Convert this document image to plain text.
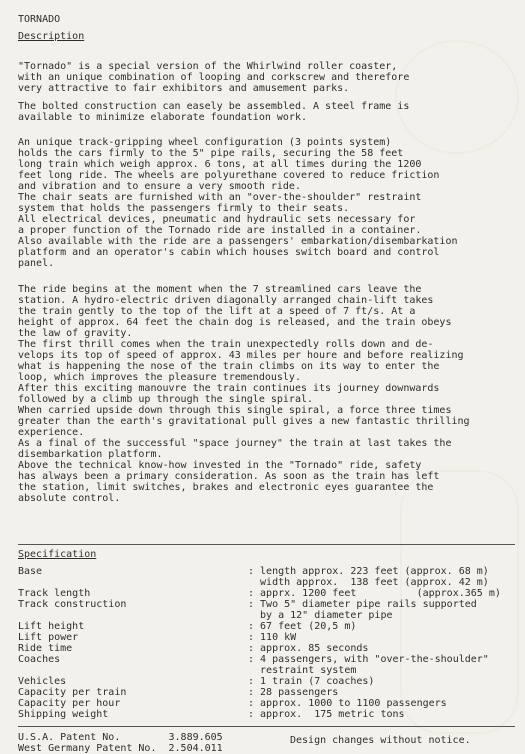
TORNADO
Description
"Tornado" is a special version of the Whirlwind roller coaster,
with an unique combination of looping and corkscrew and therefore
very attractive to fair exhibitors and amusement parks.
The bolted construction can easely be assembled. A steel frame is
available to minimize elaborate foundation work.
An unique track-gripping wheel configuration (3 points system)
holds the cars firmly to the 5" pipe rails, securing the 58 feet
long train which weigh approx. 6 tons, at all times during the 1200
feet long ride. The wheels are polyurethane covered to reduce friction
and vibration and to ensure a very smooth ride.
The chair seats are furnished with an "over-the-shoulder" restraint
system that holds the passengers firmly to their seats.
All electrical devices, pneumatic and hydraulic sets necessary for
a proper function of the Tornado ride are installed in a container.
Also available with the ride are a passengers' embarkation/disembarkation
platform and an operator's cabin which houses switch board and control
panel.
The ride begins at the moment when the 7 streamlined cars leave the
station. A hydro-electric driven diagonally arranged chain-lift takes
the train gently to the top of the lift at a speed of 7 ft/s. At a
height of approx. 64 feet the chain dog is released, and the train obeys
the law of gravity.
The first thrill comes when the train unexpectedly rolls down and de-
velops its top of speed of approx. 43 miles per houre and before realizing
what is happening the nose of the train climbs on its way to enter the
loop, which improves the pleasure tremendously.
After this exciting manouvre the train continues its journey downwards
followed by a climb up through the single spiral.
When carried upside down through this single spiral, a force three times
greater than the earth's gravitational pull gives a new fantastic thrilling
experience.
As a final of the successful "space journey" the train at last takes the
disembarkation platform.
Above the technical know-how invested in the "Tornado" ride, safety
has always been a primary consideration. As soon as the train has left
the station, limit switches, brakes and electronic eyes guarantee the
absolute control.
Specification
Base	: length approx. 223 feet (approx. 68 m)
width approx.  138 feet (approx. 42 m)
Track length	: apprx. 1200 feet          (approx.365 m)
Track construction	: Two 5" diameter pipe rails supported
by a 12" diameter pipe
Lift height	: 67 feet (20,5 m)
Lift power	: 110 kW
Ride time	: approx. 85 seconds
Coaches	: 4 passengers, with "over-the-shoulder"
restraint system
Vehicles	: 1 train (7 coaches)
Capacity per train	: 28 passengers
Capacity per hour	: approx. 1000 to 1100 passengers
Shipping weight	: approx.  175 metric tons
U.S.A. Patent No.        3.889.605
West Germany Patent No.  2.504.011
Design changes without notice.
